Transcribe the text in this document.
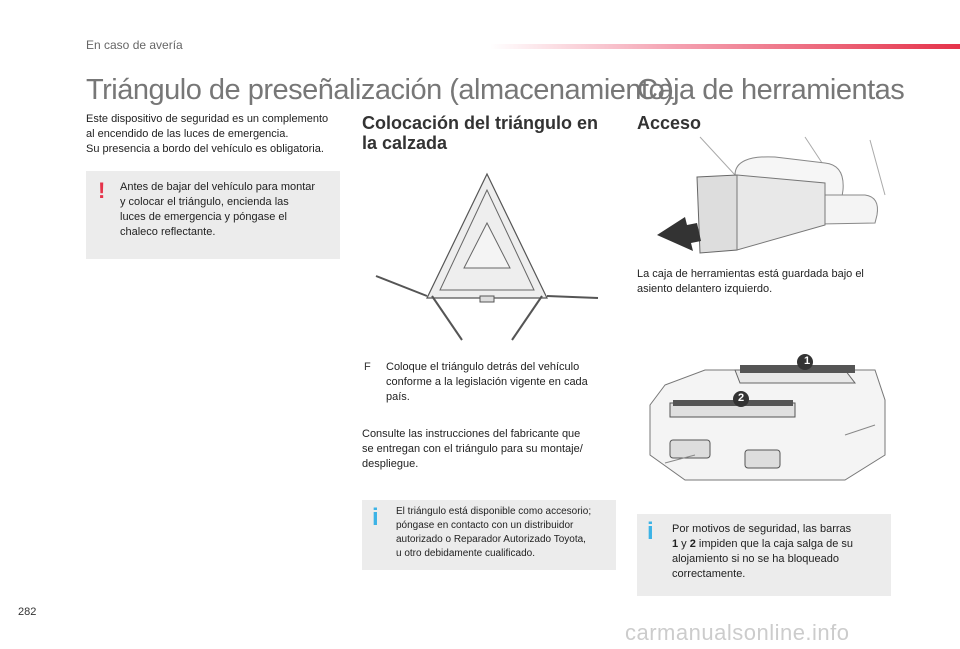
En caso de avería
Triángulo de preseñalización (almacenamiento)
Este dispositivo de seguridad es un complemento
al encendido de las luces de emergencia.
Su presencia a bordo del vehículo es obligatoria.
! Antes de bajar del vehículo para montar
y colocar el triángulo, encienda las
luces de emergencia y póngase el
chaleco reflectante.
Colocación del triángulo en
la calzada
F Coloque el triángulo detrás del vehículo
conforme a la legislación vigente en cada
país.
Consulte las instrucciones del fabricante que
se entregan con el triángulo para su montaje/
despliegue.
i El triángulo está disponible como accesorio;
póngase en contacto con un distribuidor
autorizado o Reparador Autorizado Toyota,
u otro debidamente cualificado.
Caja de herramientas
Acceso
La caja de herramientas está guardada bajo el
asiento delantero izquierdo.
1
2
i Por motivos de seguridad, las barras
1 y 2 impiden que la caja salga de su
alojamiento si no se ha bloqueado
correctamente.
282
carmanualsonline.info
